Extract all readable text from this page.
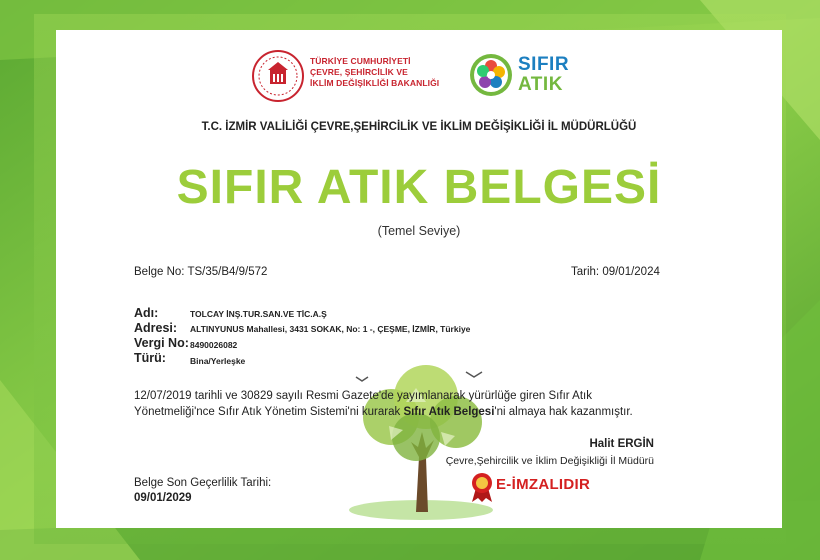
TÜRKİYE CUMHURİYETİ
ÇEVRE, ŞEHİRCİLİK VE
İKLİM DEĞİŞİKLİĞİ BAKANLIĞI
SIFIR
ATIK
T.C. İZMİR VALİLİĞİ ÇEVRE,ŞEHİRCİLİK VE İKLİM DEĞİŞİKLİĞİ İL MÜDÜRLÜĞÜ
SIFIR ATIK BELGESİ
(Temel Seviye)
Belge No: TS/35/B4/9/572	Tarih: 09/01/2024
Adı:	TOLCAY İNŞ.TUR.SAN.VE TİC.A.Ş
Adresi: ALTINYUNUS Mahallesi, 3431 SOKAK, No: 1 -, ÇEŞME, İZMİR, Türkiye
Vergi No: 8490026082
Türü:	Bina/Yerleşke
12/07/2019 tarihli ve 30829 sayılı Resmi Gazete'de yayımlanarak yürürlüğe giren Sıfır Atık
Yönetmeliği'nce Sıfır Atık Yönetim Sistemi'ni kurarak Sıfır Atık Belgesi'ni almaya hak kazanmıştır.
Halit ERGİN
Çevre,Şehircilik ve İklim Değişikliği İl Müdürü
E-İMZALIDIR
Belge Son Geçerlilik Tarihi:
09/01/2029
